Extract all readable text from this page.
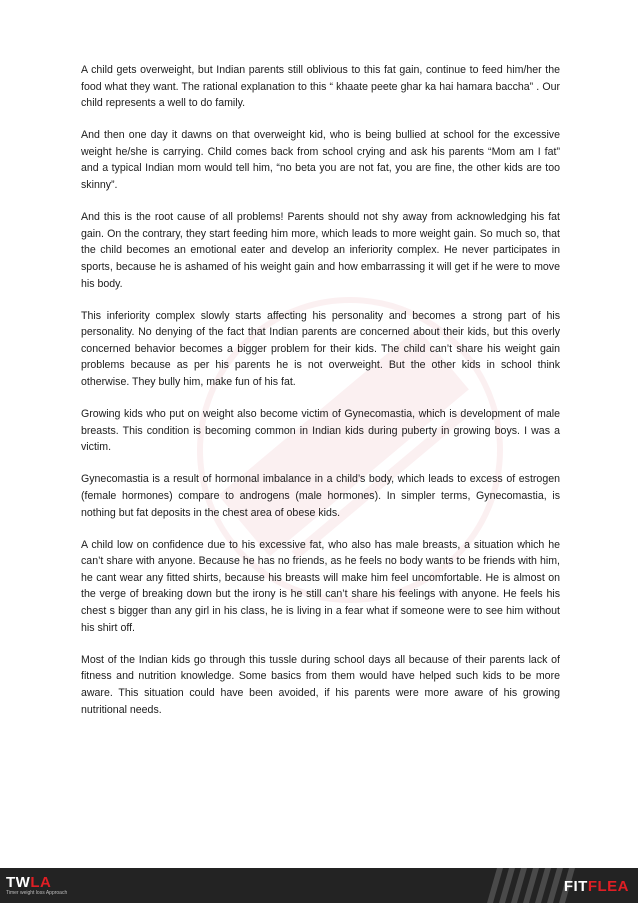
A child gets overweight, but Indian parents still oblivious to this fat gain, continue to feed him/her the food what they want. The rational explanation to this “ khaate peete ghar ka hai hamara baccha” . Our child represents a well to do family.

And then one day it dawns on that overweight kid, who is being bullied at school for the excessive weight he/she is carrying. Child comes back from school crying and ask his parents “Mom am I fat” and a typical Indian mom would tell him, “no beta you are not fat, you are fine, the other kids are too skinny”.

And this is the root cause of all problems! Parents should not shy away from acknowledging his fat gain. On the contrary, they start feeding him more, which leads to more weight gain. So much so, that the child becomes an emotional eater and develop an inferiority complex. He never participates in sports, because he is ashamed of his weight gain and how embarrassing it will get if he were to move his body.

This inferiority complex slowly starts affecting his personality and becomes a strong part of his personality. No denying of the fact that Indian parents are concerned about their kids, but this overly concerned behavior becomes a bigger problem for their kids. The child can’t share his weight gain problems because as per his parents he is not overweight. But the other kids in school think otherwise. They bully him, make fun of his fat.

Growing kids who put on weight also become victim of Gynecomastia, which is development of male breasts. This condition is becoming common in Indian kids during puberty in growing boys. I was a victim.

Gynecomastia is a result of hormonal imbalance in a child’s body, which leads to excess of estrogen (female hormones) compare to androgens (male hormones). In simpler terms, Gynecomastia, is nothing but fat deposits in the chest area of obese kids.

A child low on confidence due to his excessive fat, who also has male breasts, a situation which he can’t share with anyone. Because he has no friends, as he feels no body wants to be friends with him, he cant wear any fitted shirts, because his breasts will make him feel uncomfortable. He is almost on the verge of breaking down but the irony is he still can’t share his feelings with anyone. He feels his chest s bigger than any girl in his class, he is living in a fear what if someone were to see him without his shirt off.

Most of the Indian kids go through this tussle during school days all because of their parents lack of fitness and nutrition knowledge. Some basics from them would have helped such kids to be more aware. This situation could have been avoided, if his parents were more aware of his growing nutritional needs.

TWLA
Timer weight loss Approach	FITFLEA
